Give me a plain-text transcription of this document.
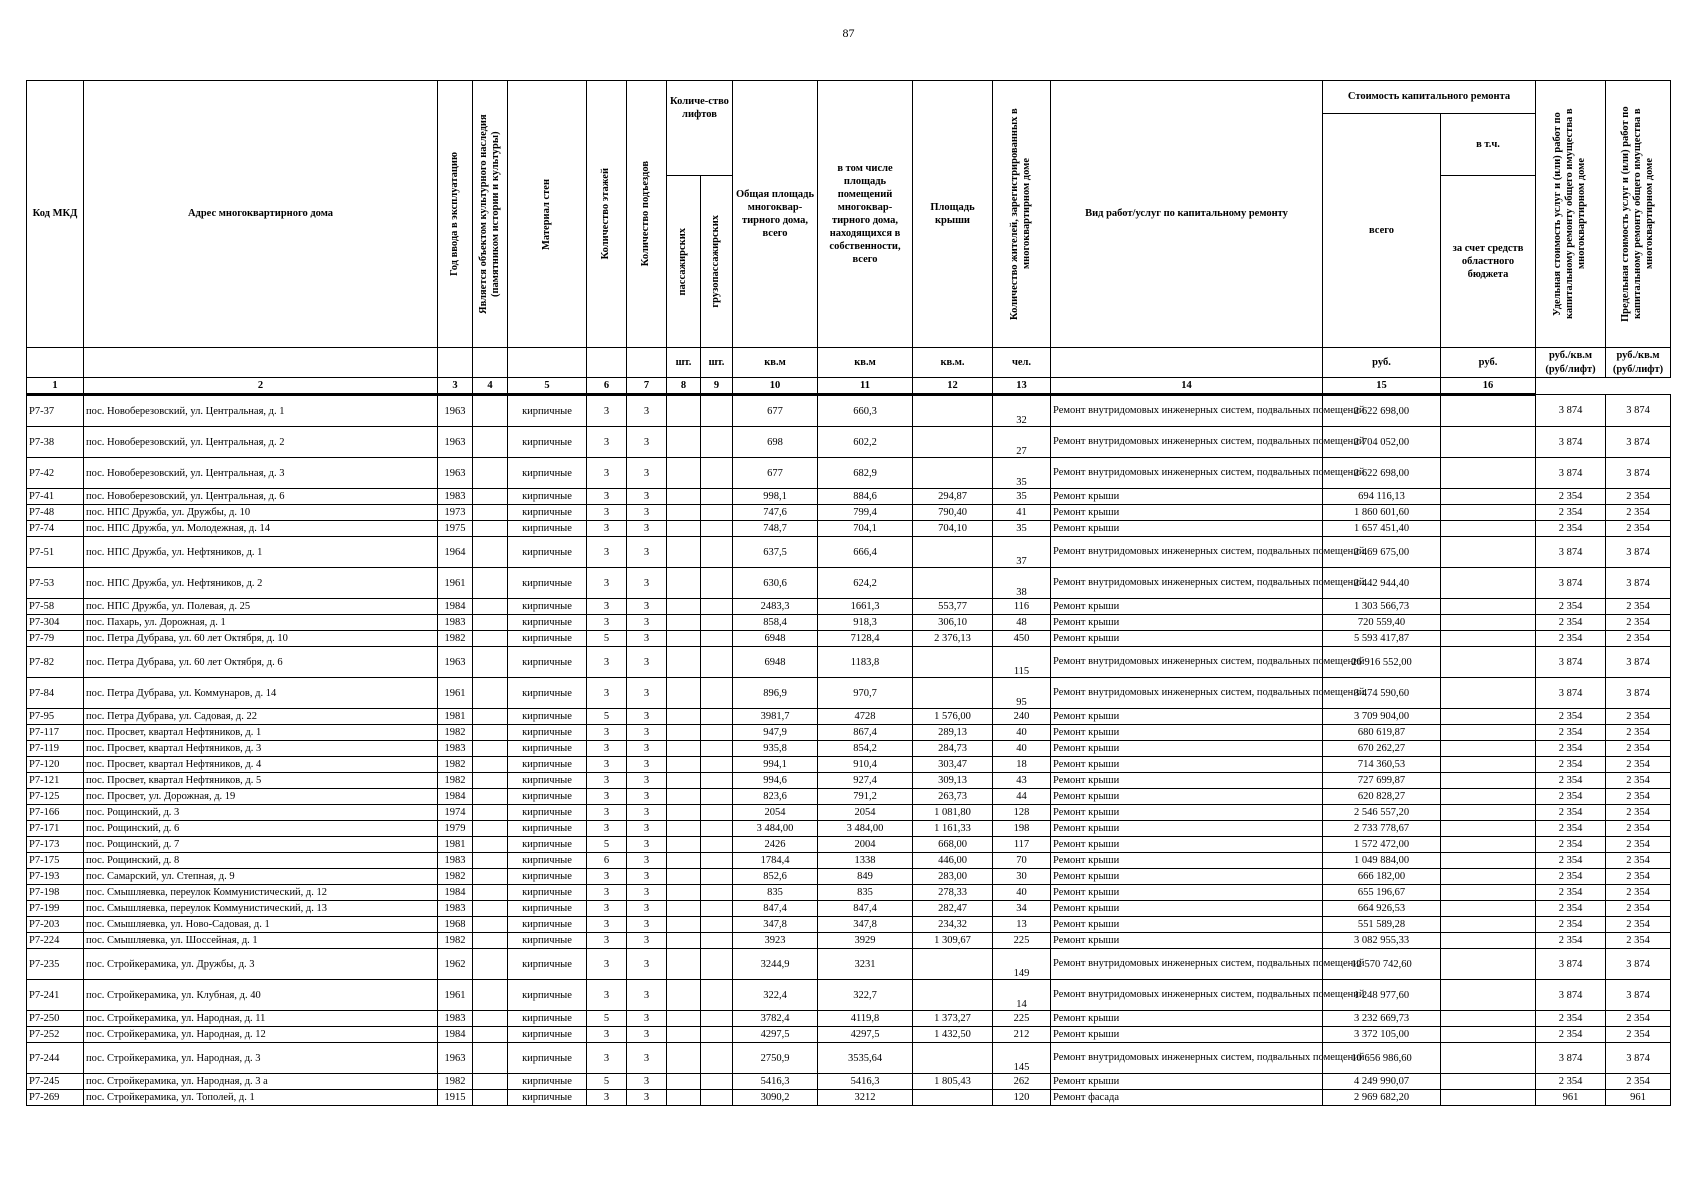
87
Код МКД	Адрес многоквартирного дома	Год ввода в эксплуатацию	Является объектом культурного наследия (памятником истории и культуры)	Материал стен	Количество этажей	Количество подъездов	Количе-ство лифтов		Общая площадь многоквар-тирного дома, всего	в том числе площадь помещений многоквар-тирного дома, находящихся в собственности, всего	Площадь крыши	Количество жителей, зарегистрированных в многоквартирном доме	Вид работ/услуг по капитальному ремонту	Стоимость капитального ремонта		Удельная стоимость услуг и (или) работ по капитальному ремонту общего имущества в многоквартирном доме	Предельная стоимость услуг и (или) работ по капитальному ремонту общего имущества в многоквартирном доме

														всего	в т.ч.		

							пассажирских	грузопассажирских							за счет средств областного бюджета		
							шт.	шт.	кв.м	кв.м	кв.м.	чел.		руб.	руб.	руб./кв.м (руб/лифт)	руб./кв.м (руб/лифт)
1	2	3	4	5	6	7	8	9	10	11	12	13	14	15	16		
Р7-37	пос. Новоберезовский, ул. Центральная, д. 1	1963		кирпичные	3	3			677	660,3		32	Ремонт внутридомовых инженерных систем, подвальных помещений	2 622 698,00		3 874	3 874
Р7-38	пос. Новоберезовский, ул. Центральная, д. 2	1963		кирпичные	3	3			698	602,2		27	Ремонт внутридомовых инженерных систем, подвальных помещений	2 704 052,00		3 874	3 874
Р7-42	пос. Новоберезовский, ул. Центральная, д. 3	1963		кирпичные	3	3			677	682,9		35	Ремонт внутридомовых инженерных систем, подвальных помещений	2 622 698,00		3 874	3 874
Р7-41	пос. Новоберезовский, ул. Центральная, д. 6	1983		кирпичные	3	3			998,1	884,6	294,87	35	Ремонт крыши	694 116,13		2 354	2 354
Р7-48	пос. НПС Дружба, ул. Дружбы, д. 10	1973		кирпичные	3	3			747,6	799,4	790,40	41	Ремонт крыши	1 860 601,60		2 354	2 354
Р7-74	пос. НПС Дружба, ул. Молодежная, д. 14	1975		кирпичные	3	3			748,7	704,1	704,10	35	Ремонт крыши	1 657 451,40		2 354	2 354
Р7-51	пос. НПС Дружба, ул. Нефтяников, д. 1	1964		кирпичные	3	3			637,5	666,4		37	Ремонт внутридомовых инженерных систем, подвальных помещений	2 469 675,00		3 874	3 874
Р7-53	пос. НПС Дружба, ул. Нефтяников, д. 2	1961		кирпичные	3	3			630,6	624,2		38	Ремонт внутридомовых инженерных систем, подвальных помещений	2 442 944,40		3 874	3 874
Р7-58	пос. НПС Дружба, ул. Полевая, д. 25	1984		кирпичные	3	3			2483,3	1661,3	553,77	116	Ремонт крыши	1 303 566,73		2 354	2 354
Р7-304	пос. Пахарь, ул. Дорожная, д. 1	1983		кирпичные	3	3			858,4	918,3	306,10	48	Ремонт крыши	720 559,40		2 354	2 354
Р7-79	пос. Петра Дубрава, ул. 60 лет Октября, д. 10	1982		кирпичные	5	3			6948	7128,4	2 376,13	450	Ремонт крыши	5 593 417,87		2 354	2 354
Р7-82	пос. Петра Дубрава, ул. 60 лет Октября, д. 6	1963		кирпичные	3	3			6948	1183,8		115	Ремонт внутридомовых инженерных систем, подвальных помещений	26 916 552,00		3 874	3 874
Р7-84	пос. Петра Дубрава, ул. Коммунаров, д. 14	1961		кирпичные	3	3			896,9	970,7		95	Ремонт внутридомовых инженерных систем, подвальных помещений	3 474 590,60		3 874	3 874
Р7-95	пос. Петра Дубрава, ул. Садовая, д. 22	1981		кирпичные	5	3			3981,7	4728	1 576,00	240	Ремонт крыши	3 709 904,00		2 354	2 354
Р7-117	пос. Просвет, квартал Нефтяников, д. 1	1982		кирпичные	3	3			947,9	867,4	289,13	40	Ремонт крыши	680 619,87		2 354	2 354
Р7-119	пос. Просвет, квартал Нефтяников, д. 3	1983		кирпичные	3	3			935,8	854,2	284,73	40	Ремонт крыши	670 262,27		2 354	2 354
Р7-120	пос. Просвет, квартал Нефтяников, д. 4	1982		кирпичные	3	3			994,1	910,4	303,47	18	Ремонт крыши	714 360,53		2 354	2 354
Р7-121	пос. Просвет, квартал Нефтяников, д. 5	1982		кирпичные	3	3			994,6	927,4	309,13	43	Ремонт крыши	727 699,87		2 354	2 354
Р7-125	пос. Просвет, ул. Дорожная, д. 19	1984		кирпичные	3	3			823,6	791,2	263,73	44	Ремонт крыши	620 828,27		2 354	2 354
Р7-166	пос. Рощинский, д. 3	1974		кирпичные	3	3			2054	2054	1 081,80	128	Ремонт крыши	2 546 557,20		2 354	2 354
Р7-171	пос. Рощинский, д. 6	1979		кирпичные	3	3			3 484,00	3 484,00	1 161,33	198	Ремонт крыши	2 733 778,67		2 354	2 354
Р7-173	пос. Рощинский, д. 7	1981		кирпичные	5	3			2426	2004	668,00	117	Ремонт крыши	1 572 472,00		2 354	2 354
Р7-175	пос. Рощинский, д. 8	1983		кирпичные	6	3			1784,4	1338	446,00	70	Ремонт крыши	1 049 884,00		2 354	2 354
Р7-193	пос. Самарский, ул. Степная, д. 9	1982		кирпичные	3	3			852,6	849	283,00	30	Ремонт крыши	666 182,00		2 354	2 354
Р7-198	пос. Смышляевка, переулок Коммунистический, д. 12	1984		кирпичные	3	3			835	835	278,33	40	Ремонт крыши	655 196,67		2 354	2 354
Р7-199	пос. Смышляевка, переулок Коммунистический, д. 13	1983		кирпичные	3	3			847,4	847,4	282,47	34	Ремонт крыши	664 926,53		2 354	2 354
Р7-203	пос. Смышляевка, ул. Ново-Садовая, д. 1	1968		кирпичные	3	3			347,8	347,8	234,32	13	Ремонт крыши	551 589,28		2 354	2 354
Р7-224	пос. Смышляевка, ул. Шоссейная, д. 1	1982		кирпичные	3	3			3923	3929	1 309,67	225	Ремонт крыши	3 082 955,33		2 354	2 354
Р7-235	пос. Стройкерамика, ул. Дружбы, д. 3	1962		кирпичные	3	3			3244,9	3231		149	Ремонт внутридомовых инженерных систем, подвальных помещений	12 570 742,60		3 874	3 874
Р7-241	пос. Стройкерамика, ул. Клубная, д. 40	1961		кирпичные	3	3			322,4	322,7		14	Ремонт внутридомовых инженерных систем, подвальных помещений	1 248 977,60		3 874	3 874
Р7-250	пос. Стройкерамика, ул. Народная, д. 11	1983		кирпичные	5	3			3782,4	4119,8	1 373,27	225	Ремонт крыши	3 232 669,73		2 354	2 354
Р7-252	пос. Стройкерамика, ул. Народная, д. 12	1984		кирпичные	3	3			4297,5	4297,5	1 432,50	212	Ремонт крыши	3 372 105,00		2 354	2 354
Р7-244	пос. Стройкерамика, ул. Народная, д. 3	1963		кирпичные	3	3			2750,9	3535,64		145	Ремонт внутридомовых инженерных систем, подвальных помещений	10 656 986,60		3 874	3 874
Р7-245	пос. Стройкерамика, ул. Народная, д. 3 а	1982		кирпичные	5	3			5416,3	5416,3	1 805,43	262	Ремонт крыши	4 249 990,07		2 354	2 354
Р7-269	пос. Стройкерамика, ул. Тополей, д. 1	1915		кирпичные	3	3			3090,2	3212		120	Ремонт фасада	2 969 682,20		961	961
